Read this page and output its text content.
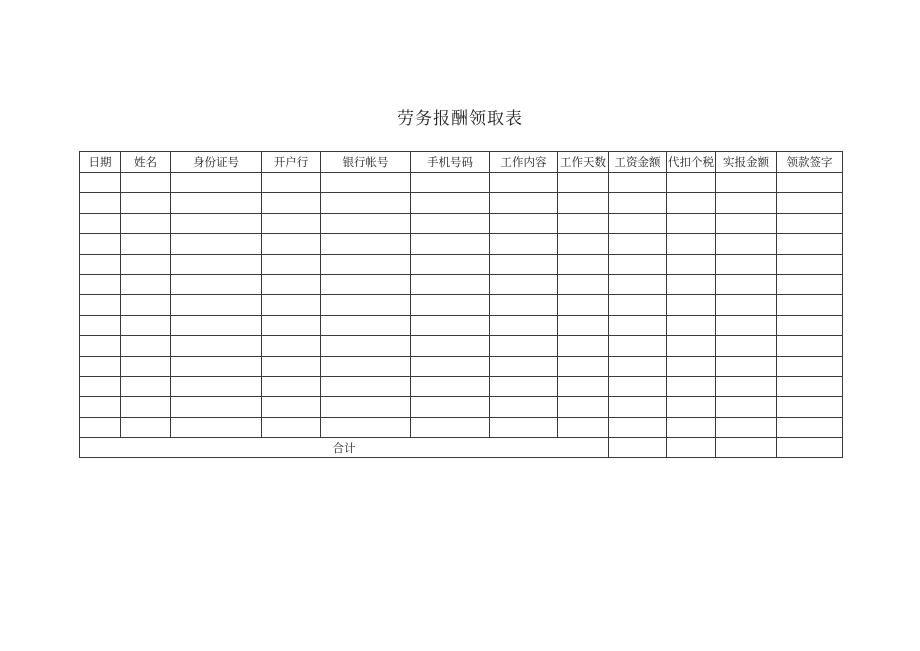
劳务报酬领取表
日期	姓名	身份证号	开户行	银行帐号	手机号码	工作内容	工作天数	工资金额	代扣个税	实报金额	领款签字

合计											
